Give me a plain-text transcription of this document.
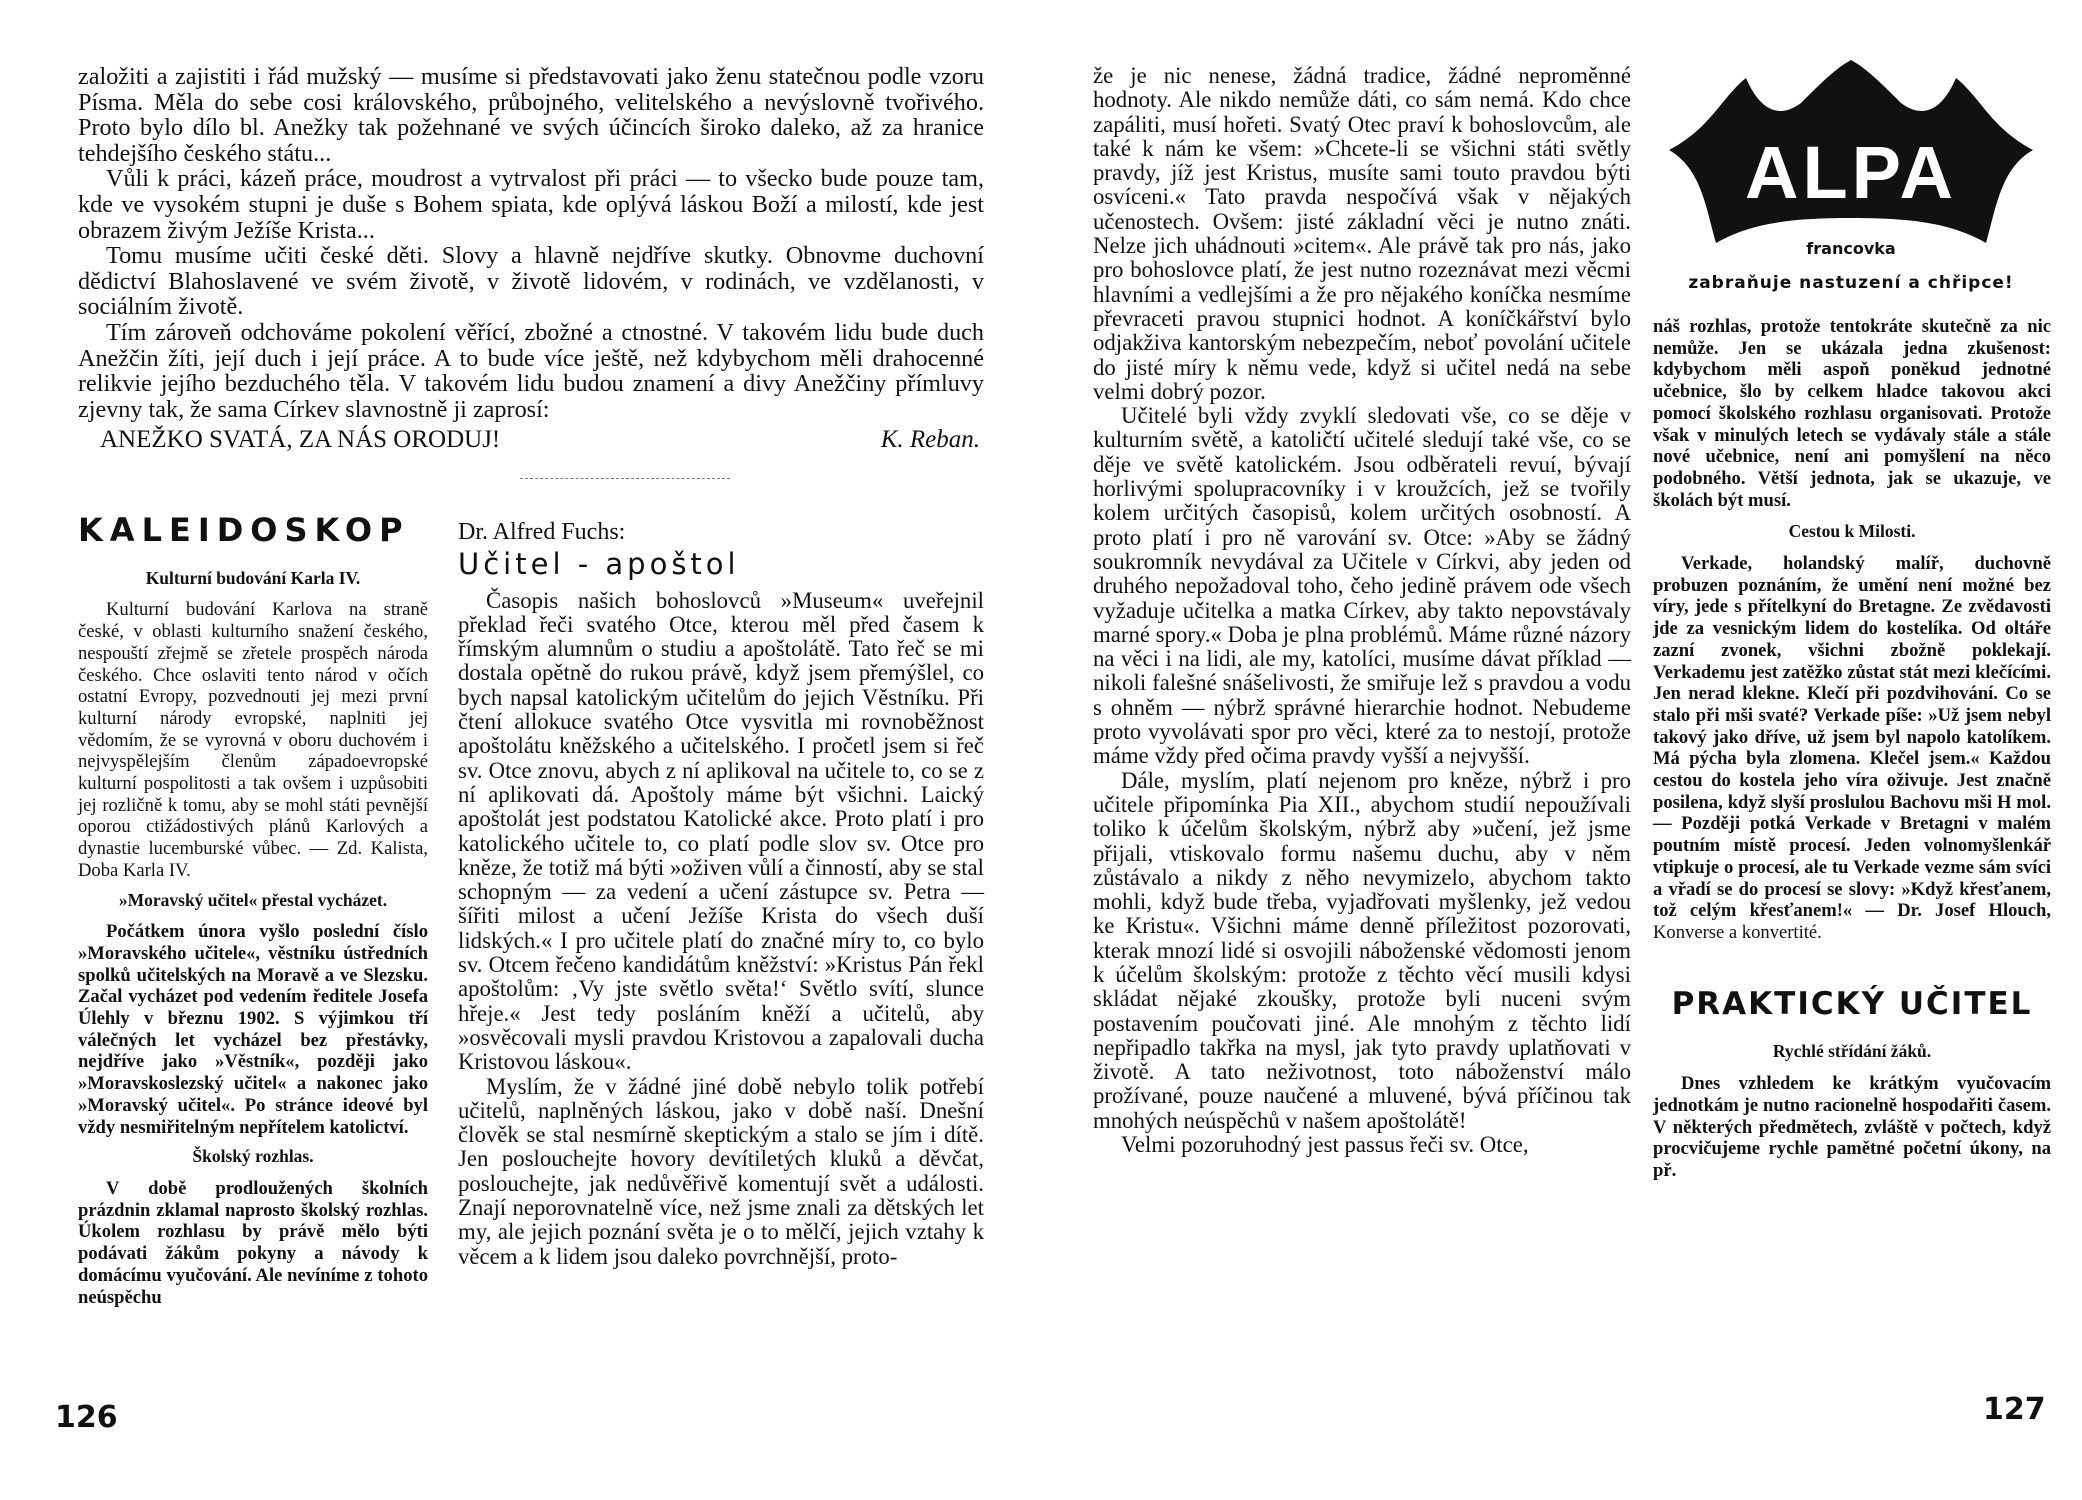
založiti a zajistiti i řád mužský — musíme si představovati jako ženu statečnou podle vzoru Písma. Měla do sebe cosi královského, průbojného, velitelského a nevýslovně tvořivého. Proto bylo dílo bl. Anežky tak požehnané ve svých účincích široko daleko, až za hranice tehdejšího českého státu...

Vůli k práci, kázeň práce, moudrost a vytrvalost při práci — to všecko bude pouze tam, kde ve vysokém stupni je duše s Bohem spiata, kde oplývá láskou Boží a milostí, kde jest obrazem živým Ježíše Krista...

Tomu musíme učiti české děti. Slovy a hlavně nejdříve skutky. Obnovme duchovní dědictví Blahoslavené ve svém životě, v životě lidovém, v rodinách, ve vzdělanosti, v sociálním životě.

Tím zároveň odchováme pokolení věřící, zbožné a ctnostné. V takovém lidu bude duch Anežčin žíti, její duch i její práce. A to bude více ještě, než kdybychom měli drahocenné relikvie jejího bezduchého těla. V takovém lidu budou znamení a divy Anežčiny přímluvy zjevny tak, že sama Církev slavnostně ji zaprosí:

ANEŽKO SVATÁ, ZA NÁS ORODUJ!	K. Reban.
KALEIDOSKOP
Kulturní budování Karla IV.

Kulturní budování Karlova na straně české, v oblasti kulturního snažení českého, nespouští zřejmě se zřetele prospěch národa českého. Chce oslaviti tento národ v očích ostatní Evropy, pozvednouti jej mezi první kulturní národy evropské, naplniti jej vědomím, že se vyrovná v oboru duchovém i nejvyspělejším členům západoevropské kulturní pospolitosti a tak ovšem i uzpůsobiti jej rozličně k tomu, aby se mohl státi pevnější oporou ctižádostivých plánů Karlových a dynastie lucemburské vůbec. — Zd. Kalista, Doba Karla IV.

»Moravský učitel« přestal vycházet.

Počátkem února vyšlo poslední číslo »Moravského učitele«, věstníku ústředních spolků učitelských na Moravě a ve Slezsku. Začal vycházet pod vedením ředitele Josefa Úlehly v březnu 1902. S výjimkou tří válečných let vycházel bez přestávky, nejdříve jako »Věstník«, později jako »Moravskoslezský učitel« a nakonec jako »Moravský učitel«. Po stránce ideové byl vždy nesmiřitelným nepřítelem katolictví.

Školský rozhlas.

V době prodloužených školních prázdnin zklamal naprosto školský rozhlas. Úkolem rozhlasu by právě mělo býti podávati žákům pokyny a návody k domácímu vyučování. Ale nevíníme z tohoto neúspěchu

Dr. Alfred Fuchs:
Učitel - apoštol

Časopis našich bohoslovců »Museum« uveřejnil překlad řeči svatého Otce, kterou měl před časem k římským alumnům o studiu a apoštolátě. Tato řeč se mi dostala opětně do rukou právě, když jsem přemýšlel, co bych napsal katolickým učitelům do jejich Věstníku. Při čtení allokuce svatého Otce vysvitla mi rovnoběžnost apoštolátu kněžského a učitelského. I pročetl jsem si řeč sv. Otce znovu, abych z ní aplikoval na učitele to, co se z ní aplikovati dá. Apoštoly máme být všichni. Laický apoštolát jest podstatou Katolické akce. Proto platí i pro katolického učitele to, co platí podle slov sv. Otce pro kněze, že totiž má býti »oživen vůlí a činností, aby se stal schopným — za vedení a učení zástupce sv. Petra — šířiti milost a učení Ježíše Krista do všech duší lidských.« I pro učitele platí do značné míry to, co bylo sv. Otcem řečeno kandidátům kněžství: »Kristus Pán řekl apoštolům: ‚Vy jste světlo světa!‘ Světlo svítí, slunce hřeje.« Jest tedy posláním kněží a učitelů, aby »osvěcovali mysli pravdou Kristovou a zapalovali ducha Kristovou láskou«.

Myslím, že v žádné jiné době nebylo tolik potřebí učitelů, naplněných láskou, jako v době naší. Dnešní člověk se stal nesmírně skeptickým a stalo se jím i dítě. Jen poslouchejte hovory devítiletých kluků a děvčat, poslouchejte, jak nedůvěřivě komentují svět a události. Znají neporovnatelně více, než jsme znali za dětských let my, ale jejich poznání světa je o to mělčí, jejich vztahy k věcem a k lidem jsou daleko povrchnější, proto-

126

že je nic nenese, žádná tradice, žádné neproměnné hodnoty. Ale nikdo nemůže dáti, co sám nemá. Kdo chce zapáliti, musí hořeti. Svatý Otec praví k bohoslovcům, ale také k nám ke všem: »Chcete-li se všichni státi světly pravdy, jíž jest Kristus, musíte sami touto pravdou býti osvíceni.« Tato pravda nespočívá však v nějakých učenostech. Ovšem: jisté základní věci je nutno znáti. Nelze jich uhádnouti »citem«. Ale právě tak pro nás, jako pro bohoslovce platí, že jest nutno rozeznávat mezi věcmi hlavními a vedlejšími a že pro nějakého koníčka nesmíme převraceti pravou stupnici hodnot. A koníčkářství bylo odjakživa kantorským nebezpečím, neboť povolání učitele do jisté míry k němu vede, když si učitel nedá na sebe velmi dobrý pozor.

Učitelé byli vždy zvyklí sledovati vše, co se děje v kulturním světě, a katoličtí učitelé sledují také vše, co se děje ve světě katolickém. Jsou odběrateli revuí, bývají horlivými spolupracovníky i v kroužcích, jež se tvořily kolem určitých časopisů, kolem určitých osobností. A proto platí i pro ně varování sv. Otce: »Aby se žádný soukromník nevydával za Učitele v Církvi, aby jeden od druhého nepožadoval toho, čeho jedině právem ode všech vyžaduje učitelka a matka Církev, aby takto nepovstávaly marné spory.« Doba je plna problémů. Máme různé názory na věci i na lidi, ale my, katolíci, musíme dávat příklad — nikoli falešné snášelivosti, že smiřuje lež s pravdou a vodu s ohněm — nýbrž správné hierarchie hodnot. Nebudeme proto vyvolávati spor pro věci, které za to nestojí, protože máme vždy před očima pravdy vyšší a nejvyšší.

Dále, myslím, platí nejenom pro kněze, nýbrž i pro učitele připomínka Pia XII., abychom studií nepoužívali toliko k účelům školským, nýbrž aby »učení, jež jsme přijali, vtiskovalo formu našemu duchu, aby v něm zůstávalo a nikdy z něho nevymizelo, abychom takto mohli, když bude třeba, vyjadřovati myšlenky, jež vedou ke Kristu«. Všichni máme denně příležitost pozorovati, kterak mnozí lidé si osvojili náboženské vědomosti jenom k účelům školským: protože z těchto věcí musili kdysi skládat nějaké zkoušky, protože byli nuceni svým postavením poučovati jiné. Ale mnohým z těchto lidí nepřipadlo takřka na mysl, jak tyto pravdy uplatňovati v životě. A tato neživotnost, toto náboženství málo prožívané, pouze naučené a mluvené, bývá příčinou tak mnohých neúspěchů v našem apoštolátě!

Velmi pozoruhodný jest passus řeči sv. Otce,

ALPA
francovka
zabraňuje nastuzení a chřipce!

náš rozhlas, protože tentokráte skutečně za nic nemůže. Jen se ukázala jedna zkušenost: kdybychom měli aspoň poněkud jednotné učebnice, šlo by celkem hladce takovou akci pomocí školského rozhlasu organisovati. Protože však v minulých letech se vydávaly stále a stále nové učebnice, není ani pomyšlení na něco podobného. Větší jednota, jak se ukazuje, ve školách být musí.

Cestou k Milosti.

Verkade, holandský malíř, duchovně probuzen poznáním, že umění není možné bez víry, jede s přítelkyní do Bretagne. Ze zvědavosti jde za vesnickým lidem do kostelíka. Od oltáře zazní zvonek, všichni zbožně poklekají. Verkademu jest zatěžko zůstat stát mezi klečícími. Jen nerad klekne. Klečí při pozdvihování. Co se stalo při mši svaté? Verkade píše: »Už jsem nebyl takový jako dříve, už jsem byl napolo katolíkem. Má pýcha byla zlomena. Klečel jsem.« Každou cestou do kostela jeho víra oživuje. Jest značně posilena, když slyší proslulou Bachovu mši H mol. — Později potká Verkade v Bretagni v malém poutním místě procesí. Jeden volnomyšlenkář vtipkuje o procesí, ale tu Verkade vezme sám svíci a vřadí se do procesí se slovy: »Když křesťanem, tož celým křesťanem!« — Dr. Josef Hlouch, Konverse a konvertité.

PRAKTICKÝ UČITEL
Rychlé střídání žáků.

Dnes vzhledem ke krátkým vyučovacím jednotkám je nutno racionelně hospodařiti časem. V některých předmětech, zvláště v počtech, když procvičujeme rychle pamětné početní úkony, na př.

127
